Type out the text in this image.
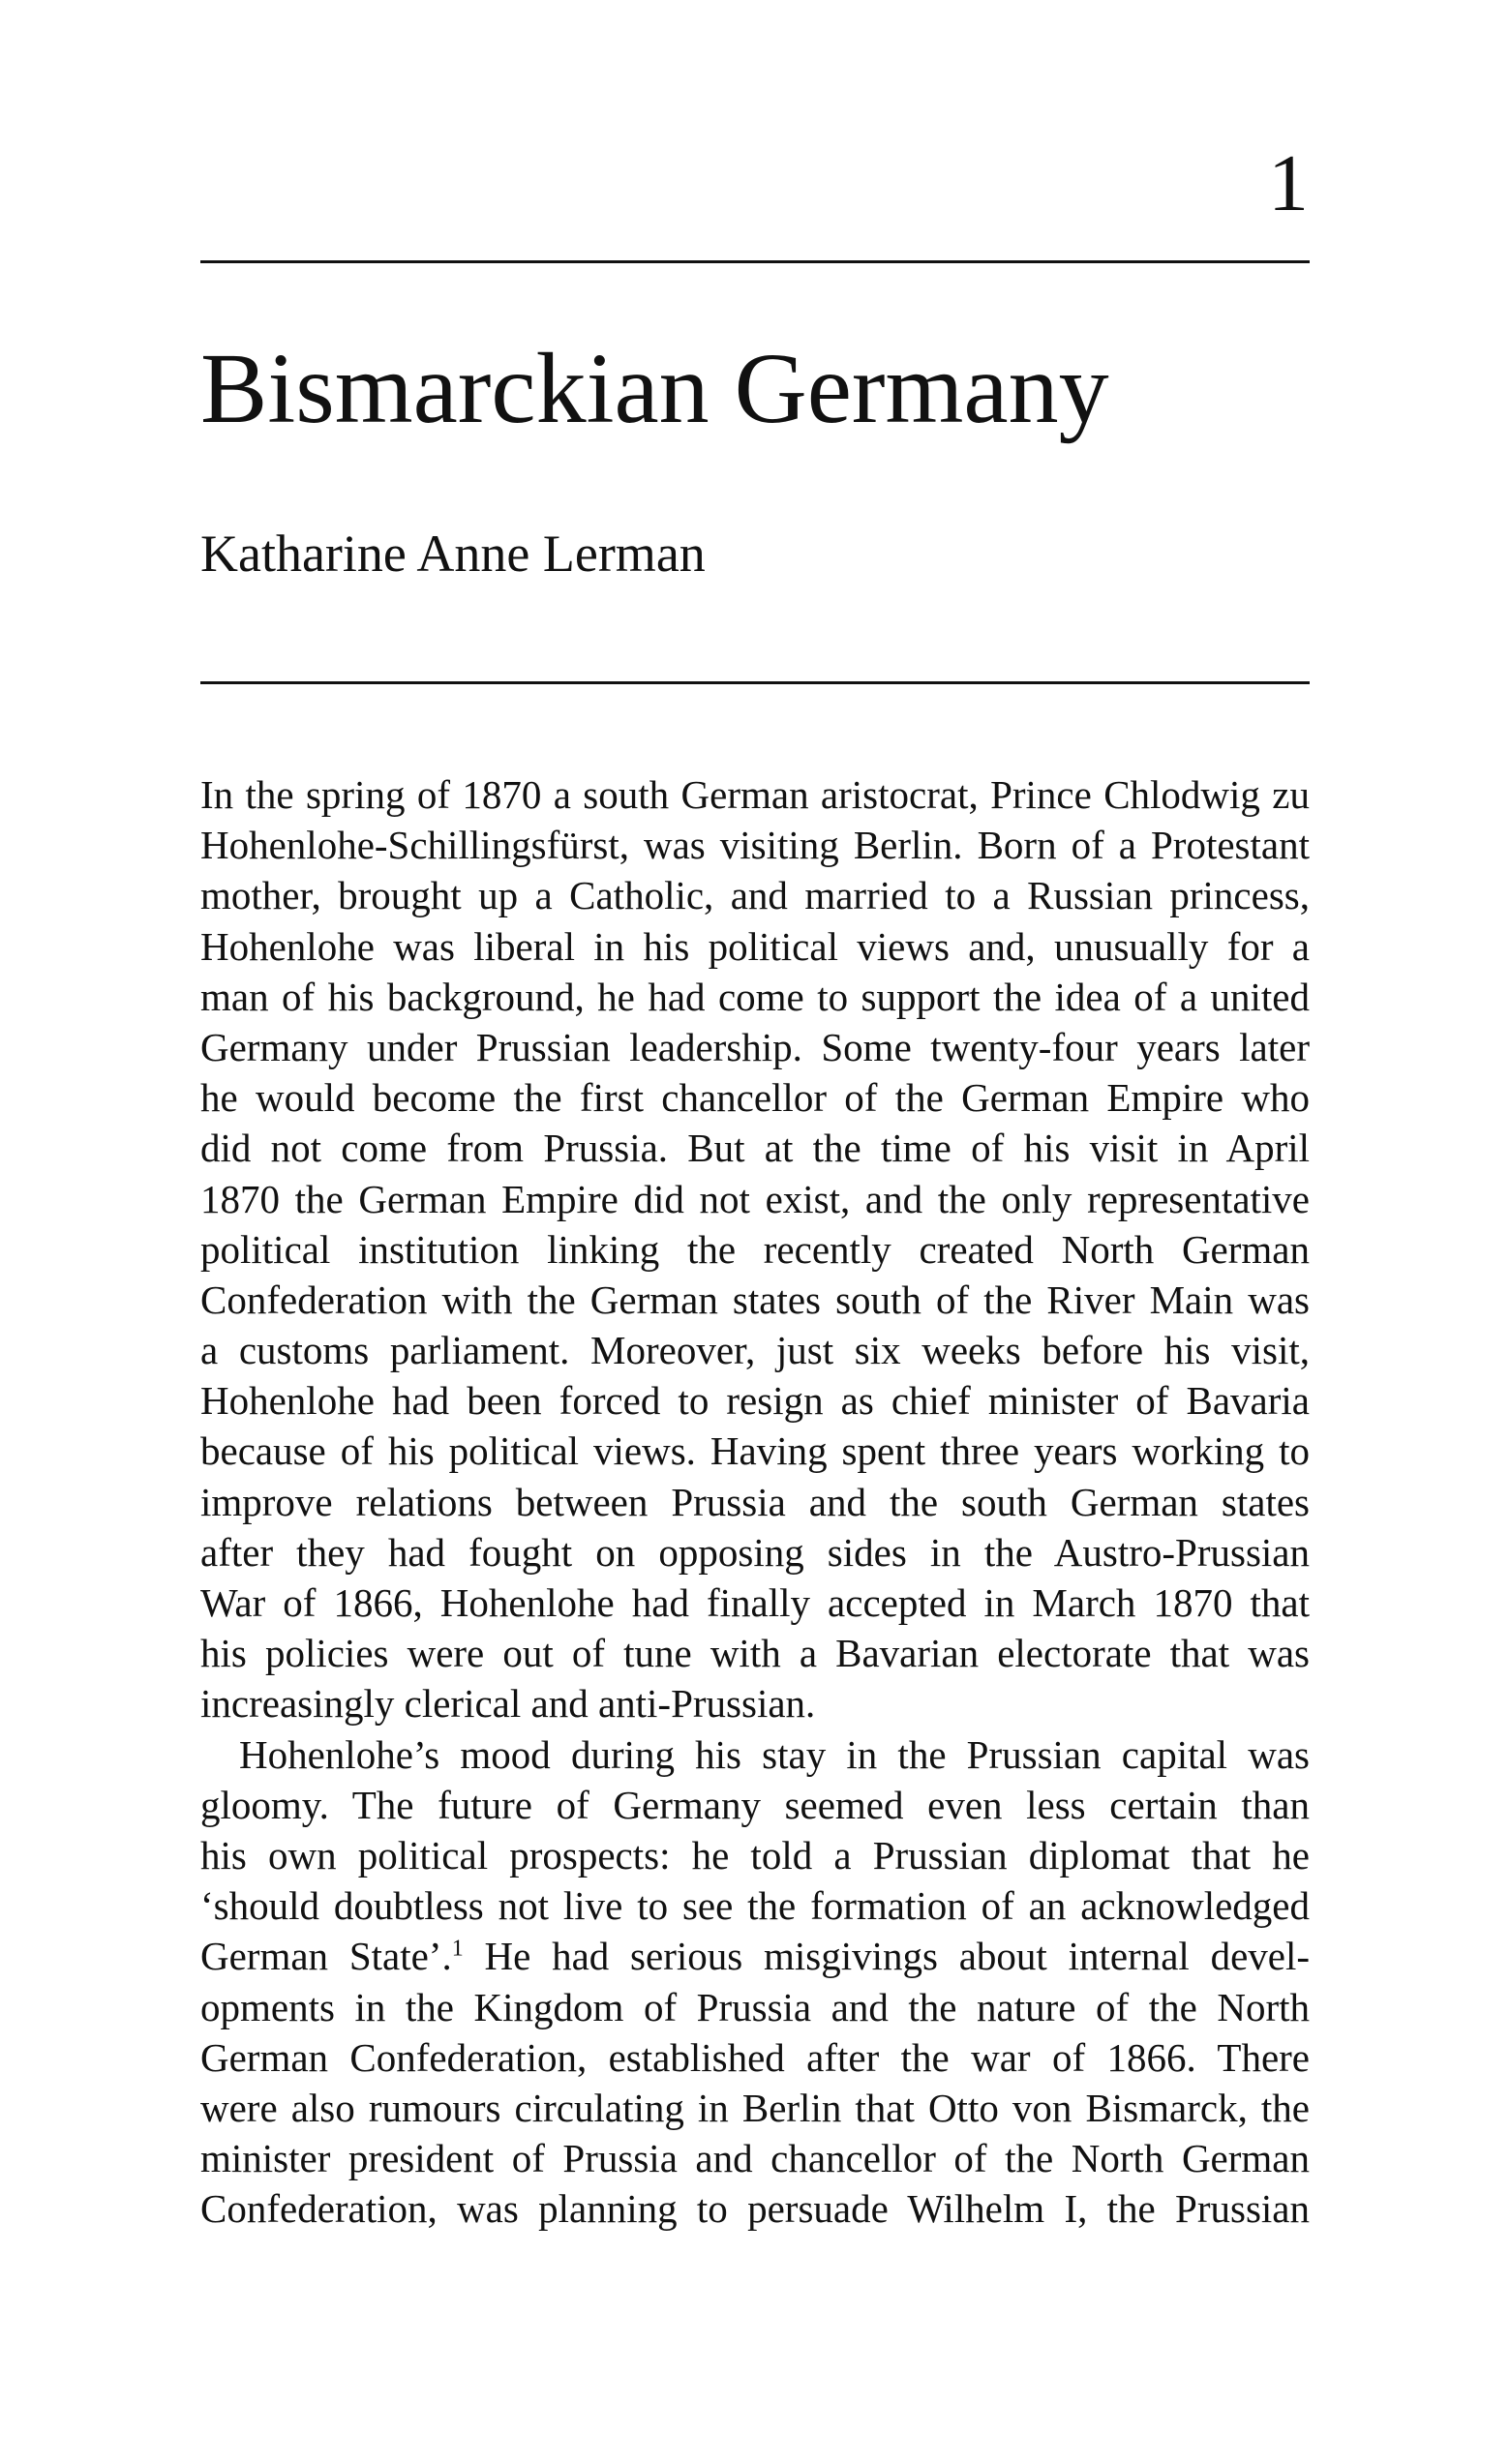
1
Bismarckian Germany
Katharine Anne Lerman
In the spring of 1870 a south German aristocrat, Prince Chlodwig zu
Hohenlohe-Schillingsfürst, was visiting Berlin. Born of a Protestant
mother, brought up a Catholic, and married to a Russian princess,
Hohenlohe was liberal in his political views and, unusually for a
man of his background, he had come to support the idea of a united
Germany under Prussian leadership. Some twenty-four years later
he would become the first chancellor of the German Empire who
did not come from Prussia. But at the time of his visit in April
1870 the German Empire did not exist, and the only representative
political institution linking the recently created North German
Confederation with the German states south of the River Main was
a customs parliament. Moreover, just six weeks before his visit,
Hohenlohe had been forced to resign as chief minister of Bavaria
because of his political views. Having spent three years working to
improve relations between Prussia and the south German states
after they had fought on opposing sides in the Austro-Prussian
War of 1866, Hohenlohe had finally accepted in March 1870 that
his policies were out of tune with a Bavarian electorate that was
increasingly clerical and anti-Prussian.
Hohenlohe’s mood during his stay in the Prussian capital was
gloomy. The future of Germany seemed even less certain than
his own political prospects: he told a Prussian diplomat that he
‘should doubtless not live to see the formation of an acknowledged
German State’.$^1$ He had serious misgivings about internal devel-
opments in the Kingdom of Prussia and the nature of the North
German Confederation, established after the war of 1866. There
were also rumours circulating in Berlin that Otto von Bismarck, the
minister president of Prussia and chancellor of the North German
Confederation, was planning to persuade Wilhelm I, the Prussian
